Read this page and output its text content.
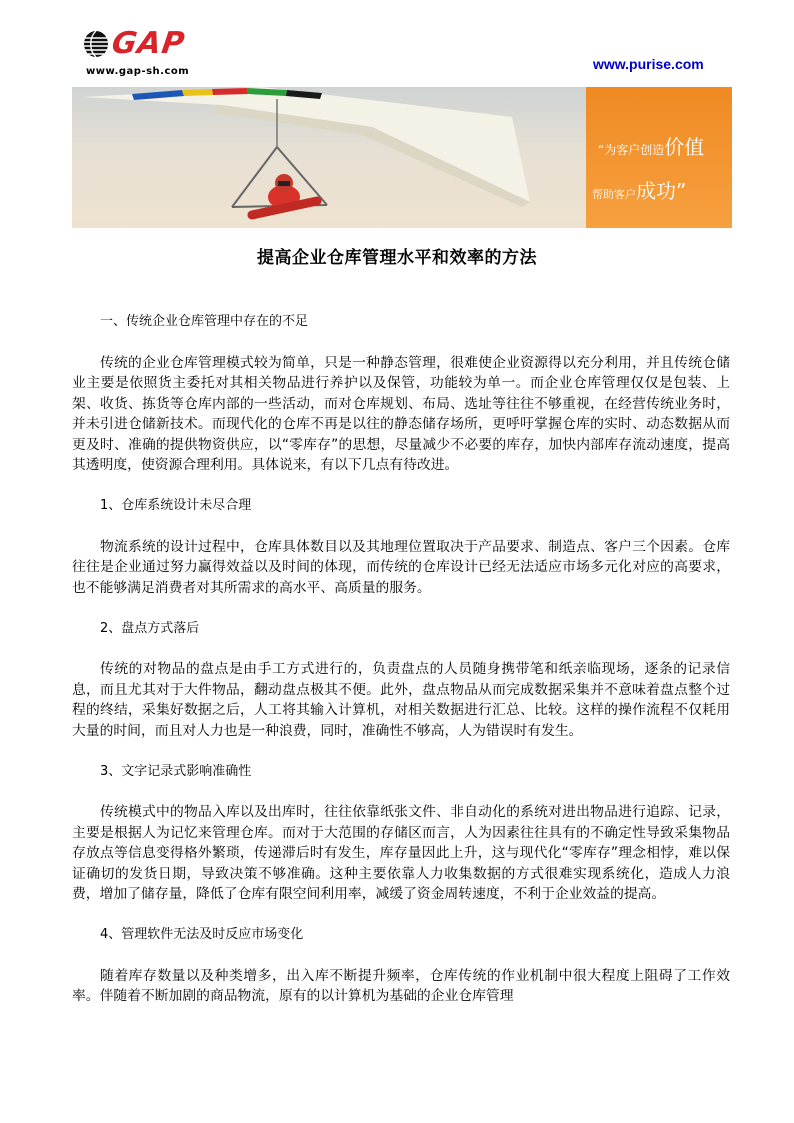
GAP
www.gap-sh.com	www.purise.com
“为客户创造价值
帮助客户成功”
提高企业仓库管理水平和效率的方法
一、传统企业仓库管理中存在的不足

传统的企业仓库管理模式较为简单，只是一种静态管理，很难使企业资源得以充分利用，并且传统仓储业主要是依照货主委托对其相关物品进行养护以及保管，功能较为单一。而企业仓库管理仅仅是包装、上架、收货、拣货等仓库内部的一些活动，而对仓库规划、布局、选址等往往不够重视，在经营传统业务时，并未引进仓储新技术。而现代化的仓库不再是以往的静态储存场所，更呼吁掌握仓库的实时、动态数据从而更及时、准确的提供物资供应，以“零库存”的思想，尽量减少不必要的库存，加快内部库存流动速度，提高其透明度，使资源合理利用。具体说来，有以下几点有待改进。

1、仓库系统设计未尽合理

物流系统的设计过程中，仓库具体数目以及其地理位置取决于产品要求、制造点、客户三个因素。仓库往往是企业通过努力赢得效益以及时间的体现，而传统的仓库设计已经无法适应市场多元化对应的高要求，也不能够满足消费者对其所需求的高水平、高质量的服务。

2、盘点方式落后

传统的对物品的盘点是由手工方式进行的，负责盘点的人员随身携带笔和纸亲临现场，逐条的记录信息，而且尤其对于大件物品，翻动盘点极其不便。此外，盘点物品从而完成数据采集并不意味着盘点整个过程的终结，采集好数据之后，人工将其输入计算机，对相关数据进行汇总、比较。这样的操作流程不仅耗用大量的时间，而且对人力也是一种浪费，同时，准确性不够高，人为错误时有发生。

3、文字记录式影响准确性

传统模式中的物品入库以及出库时，往往依靠纸张文件、非自动化的系统对进出物品进行追踪、记录，主要是根据人为记忆来管理仓库。而对于大范围的存储区而言，人为因素往往具有的不确定性导致采集物品存放点等信息变得格外繁琐，传递滞后时有发生，库存量因此上升，这与现代化“零库存”理念相悖，难以保证确切的发货日期，导致决策不够准确。这种主要依靠人力收集数据的方式很难实现系统化，造成人力浪费，增加了储存量，降低了仓库有限空间利用率，减缓了资金周转速度，不利于企业效益的提高。

4、管理软件无法及时反应市场变化

随着库存数量以及种类增多，出入库不断提升频率，仓库传统的作业机制中很大程度上阻碍了工作效率。伴随着不断加剧的商品物流，原有的以计算机为基础的企业仓库管理
